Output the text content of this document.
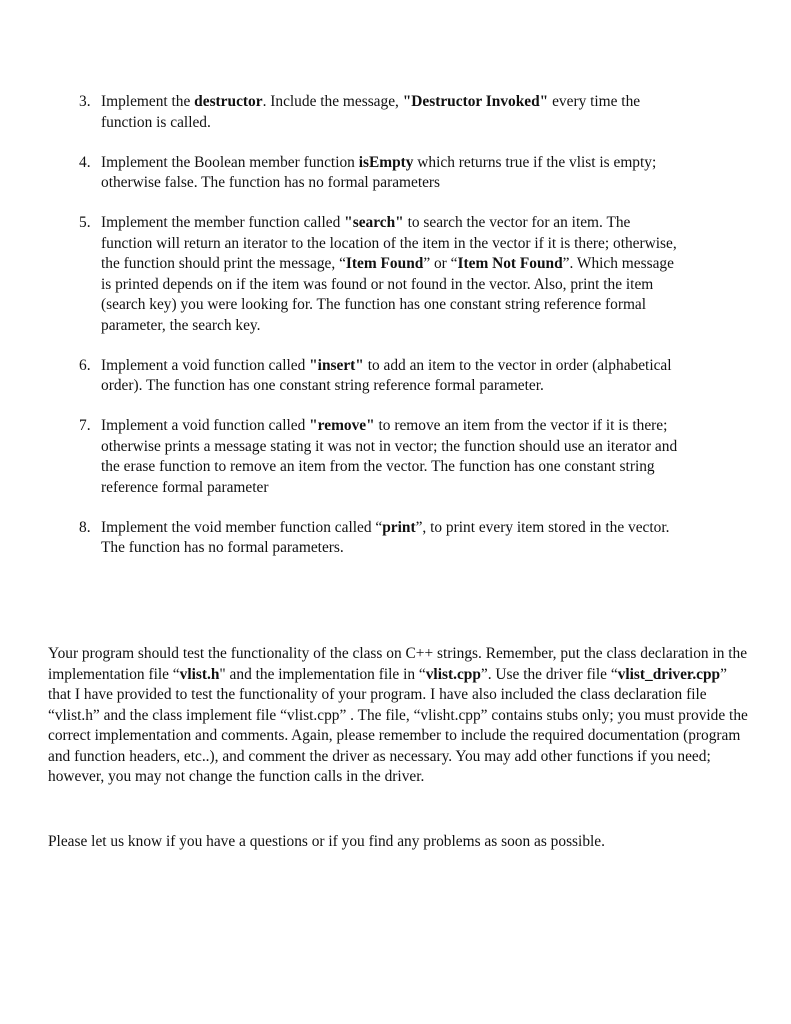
3. Implement the destructor. Include the message, "Destructor Invoked" every time the function is called.
4. Implement the Boolean member function isEmpty which returns true if the vlist is empty; otherwise false. The function has no formal parameters
5. Implement the member function called "search" to search the vector for an item. The function will return an iterator to the location of the item in the vector if it is there; otherwise, the function should print the message, “Item Found” or “Item Not Found”. Which message is printed depends on if the item was found or not found in the vector. Also, print the item (search key) you were looking for. The function has one constant string reference formal parameter, the search key.
6. Implement a void function called "insert" to add an item to the vector in order (alphabetical order). The function has one constant string reference formal parameter.
7. Implement a void function called "remove" to remove an item from the vector if it is there; otherwise prints a message stating it was not in vector; the function should use an iterator and the erase function to remove an item from the vector. The function has one constant string reference formal parameter
8. Implement the void member function called “print”, to print every item stored in the vector. The function has no formal parameters.

Your program should test the functionality of the class on C++ strings. Remember, put the class declaration in the implementation file “vlist.h" and the implementation file in “vlist.cpp”. Use the driver file “vlist_driver.cpp” that I have provided to test the functionality of your program. I have also included the class declaration file “vlist.h” and the class implement file “vlist.cpp” . The file, “vlisht.cpp” contains stubs only; you must provide the correct implementation and comments. Again, please remember to include the required documentation (program and function headers, etc..), and comment the driver as necessary. You may add other functions if you need; however, you may not change the function calls in the driver.

Please let us know if you have a questions or if you find any problems as soon as possible.
